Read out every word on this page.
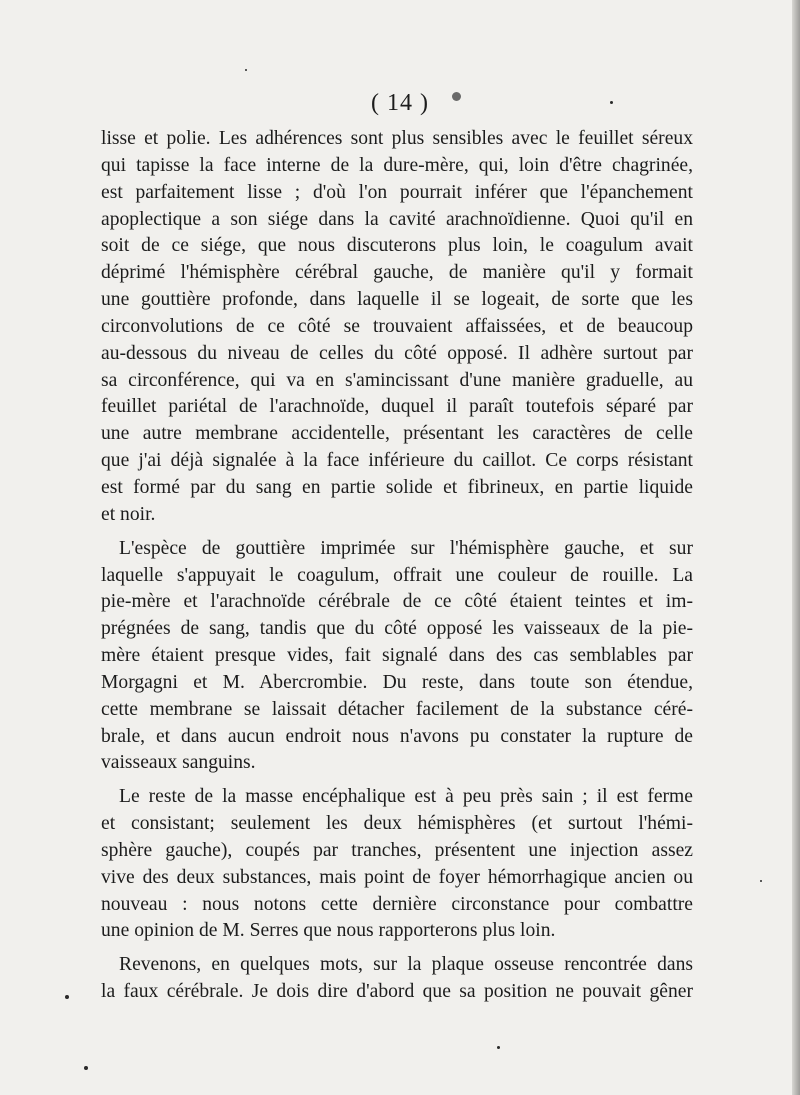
( 14 )
lisse et polie. Les adhérences sont plus sensibles avec le feuillet séreux
qui tapisse la face interne de la dure-mère, qui, loin d'être chagrinée,
est parfaitement lisse ; d'où l'on pourrait inférer que l'épanchement
apoplectique a son siége dans la cavité arachnoïdienne. Quoi qu'il en
soit de ce siége, que nous discuterons plus loin, le coagulum avait
déprimé l'hémisphère cérébral gauche, de manière qu'il y formait
une gouttière profonde, dans laquelle il se logeait, de sorte que les
circonvolutions de ce côté se trouvaient affaissées, et de beaucoup
au-dessous du niveau de celles du côté opposé. Il adhère surtout par
sa circonférence, qui va en s'amincissant d'une manière graduelle, au
feuillet pariétal de l'arachnoïde, duquel il paraît toutefois séparé par
une autre membrane accidentelle, présentant les caractères de celle
que j'ai déjà signalée à la face inférieure du caillot. Ce corps résistant
est formé par du sang en partie solide et fibrineux, en partie liquide
et noir.
L'espèce de gouttière imprimée sur l'hémisphère gauche, et sur
laquelle s'appuyait le coagulum, offrait une couleur de rouille. La
pie-mère et l'arachnoïde cérébrale de ce côté étaient teintes et im-
prégnées de sang, tandis que du côté opposé les vaisseaux de la pie-
mère étaient presque vides, fait signalé dans des cas semblables par
Morgagni et M. Abercrombie. Du reste, dans toute son étendue,
cette membrane se laissait détacher facilement de la substance céré-
brale, et dans aucun endroit nous n'avons pu constater la rupture de
vaisseaux sanguins.
Le reste de la masse encéphalique est à peu près sain ; il est ferme
et consistant; seulement les deux hémisphères (et surtout l'hémi-
sphère gauche), coupés par tranches, présentent une injection assez
vive des deux substances, mais point de foyer hémorrhagique ancien ou
nouveau : nous notons cette dernière circonstance pour combattre
une opinion de M. Serres que nous rapporterons plus loin.
Revenons, en quelques mots, sur la plaque osseuse rencontrée dans
la faux cérébrale. Je dois dire d'abord que sa position ne pouvait gêner
